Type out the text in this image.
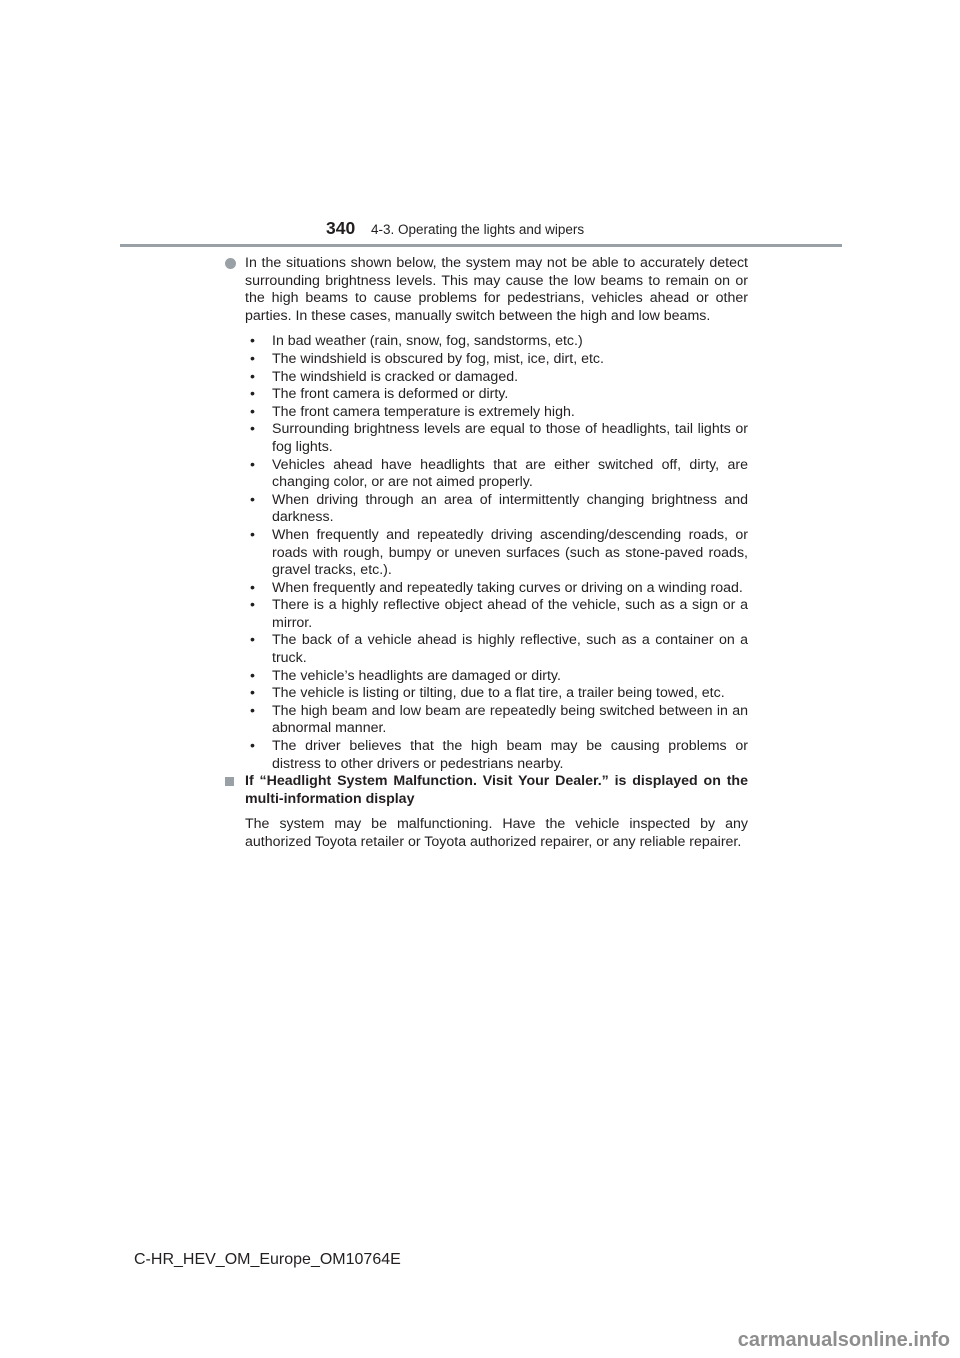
340 4-3. Operating the lights and wipers

In the situations shown below, the system may not be able to accurately detect surrounding brightness levels. This may cause the low beams to remain on or the high beams to cause problems for pedestrians, vehicles ahead or other parties. In these cases, manually switch between the high and low beams.

• In bad weather (rain, snow, fog, sandstorms, etc.)
• The windshield is obscured by fog, mist, ice, dirt, etc.
• The windshield is cracked or damaged.
• The front camera is deformed or dirty.
• The front camera temperature is extremely high.
• Surrounding brightness levels are equal to those of headlights, tail lights or fog lights.
• Vehicles ahead have headlights that are either switched off, dirty, are changing color, or are not aimed properly.
• When driving through an area of intermittently changing brightness and darkness.
• When frequently and repeatedly driving ascending/descending roads, or roads with rough, bumpy or uneven surfaces (such as stone-paved roads, gravel tracks, etc.).
• When frequently and repeatedly taking curves or driving on a winding road.
• There is a highly reflective object ahead of the vehicle, such as a sign or a mirror.
• The back of a vehicle ahead is highly reflective, such as a container on a truck.
• The vehicle’s headlights are damaged or dirty.
• The vehicle is listing or tilting, due to a flat tire, a trailer being towed, etc.
• The high beam and low beam are repeatedly being switched between in an abnormal manner.
• The driver believes that the high beam may be causing problems or distress to other drivers or pedestrians nearby.

If “Headlight System Malfunction. Visit Your Dealer.” is displayed on the multi-information display

The system may be malfunctioning. Have the vehicle inspected by any authorized Toyota retailer or Toyota authorized repairer, or any reliable repairer.

C-HR_HEV_OM_Europe_OM10764E
carmanualsonline.info
